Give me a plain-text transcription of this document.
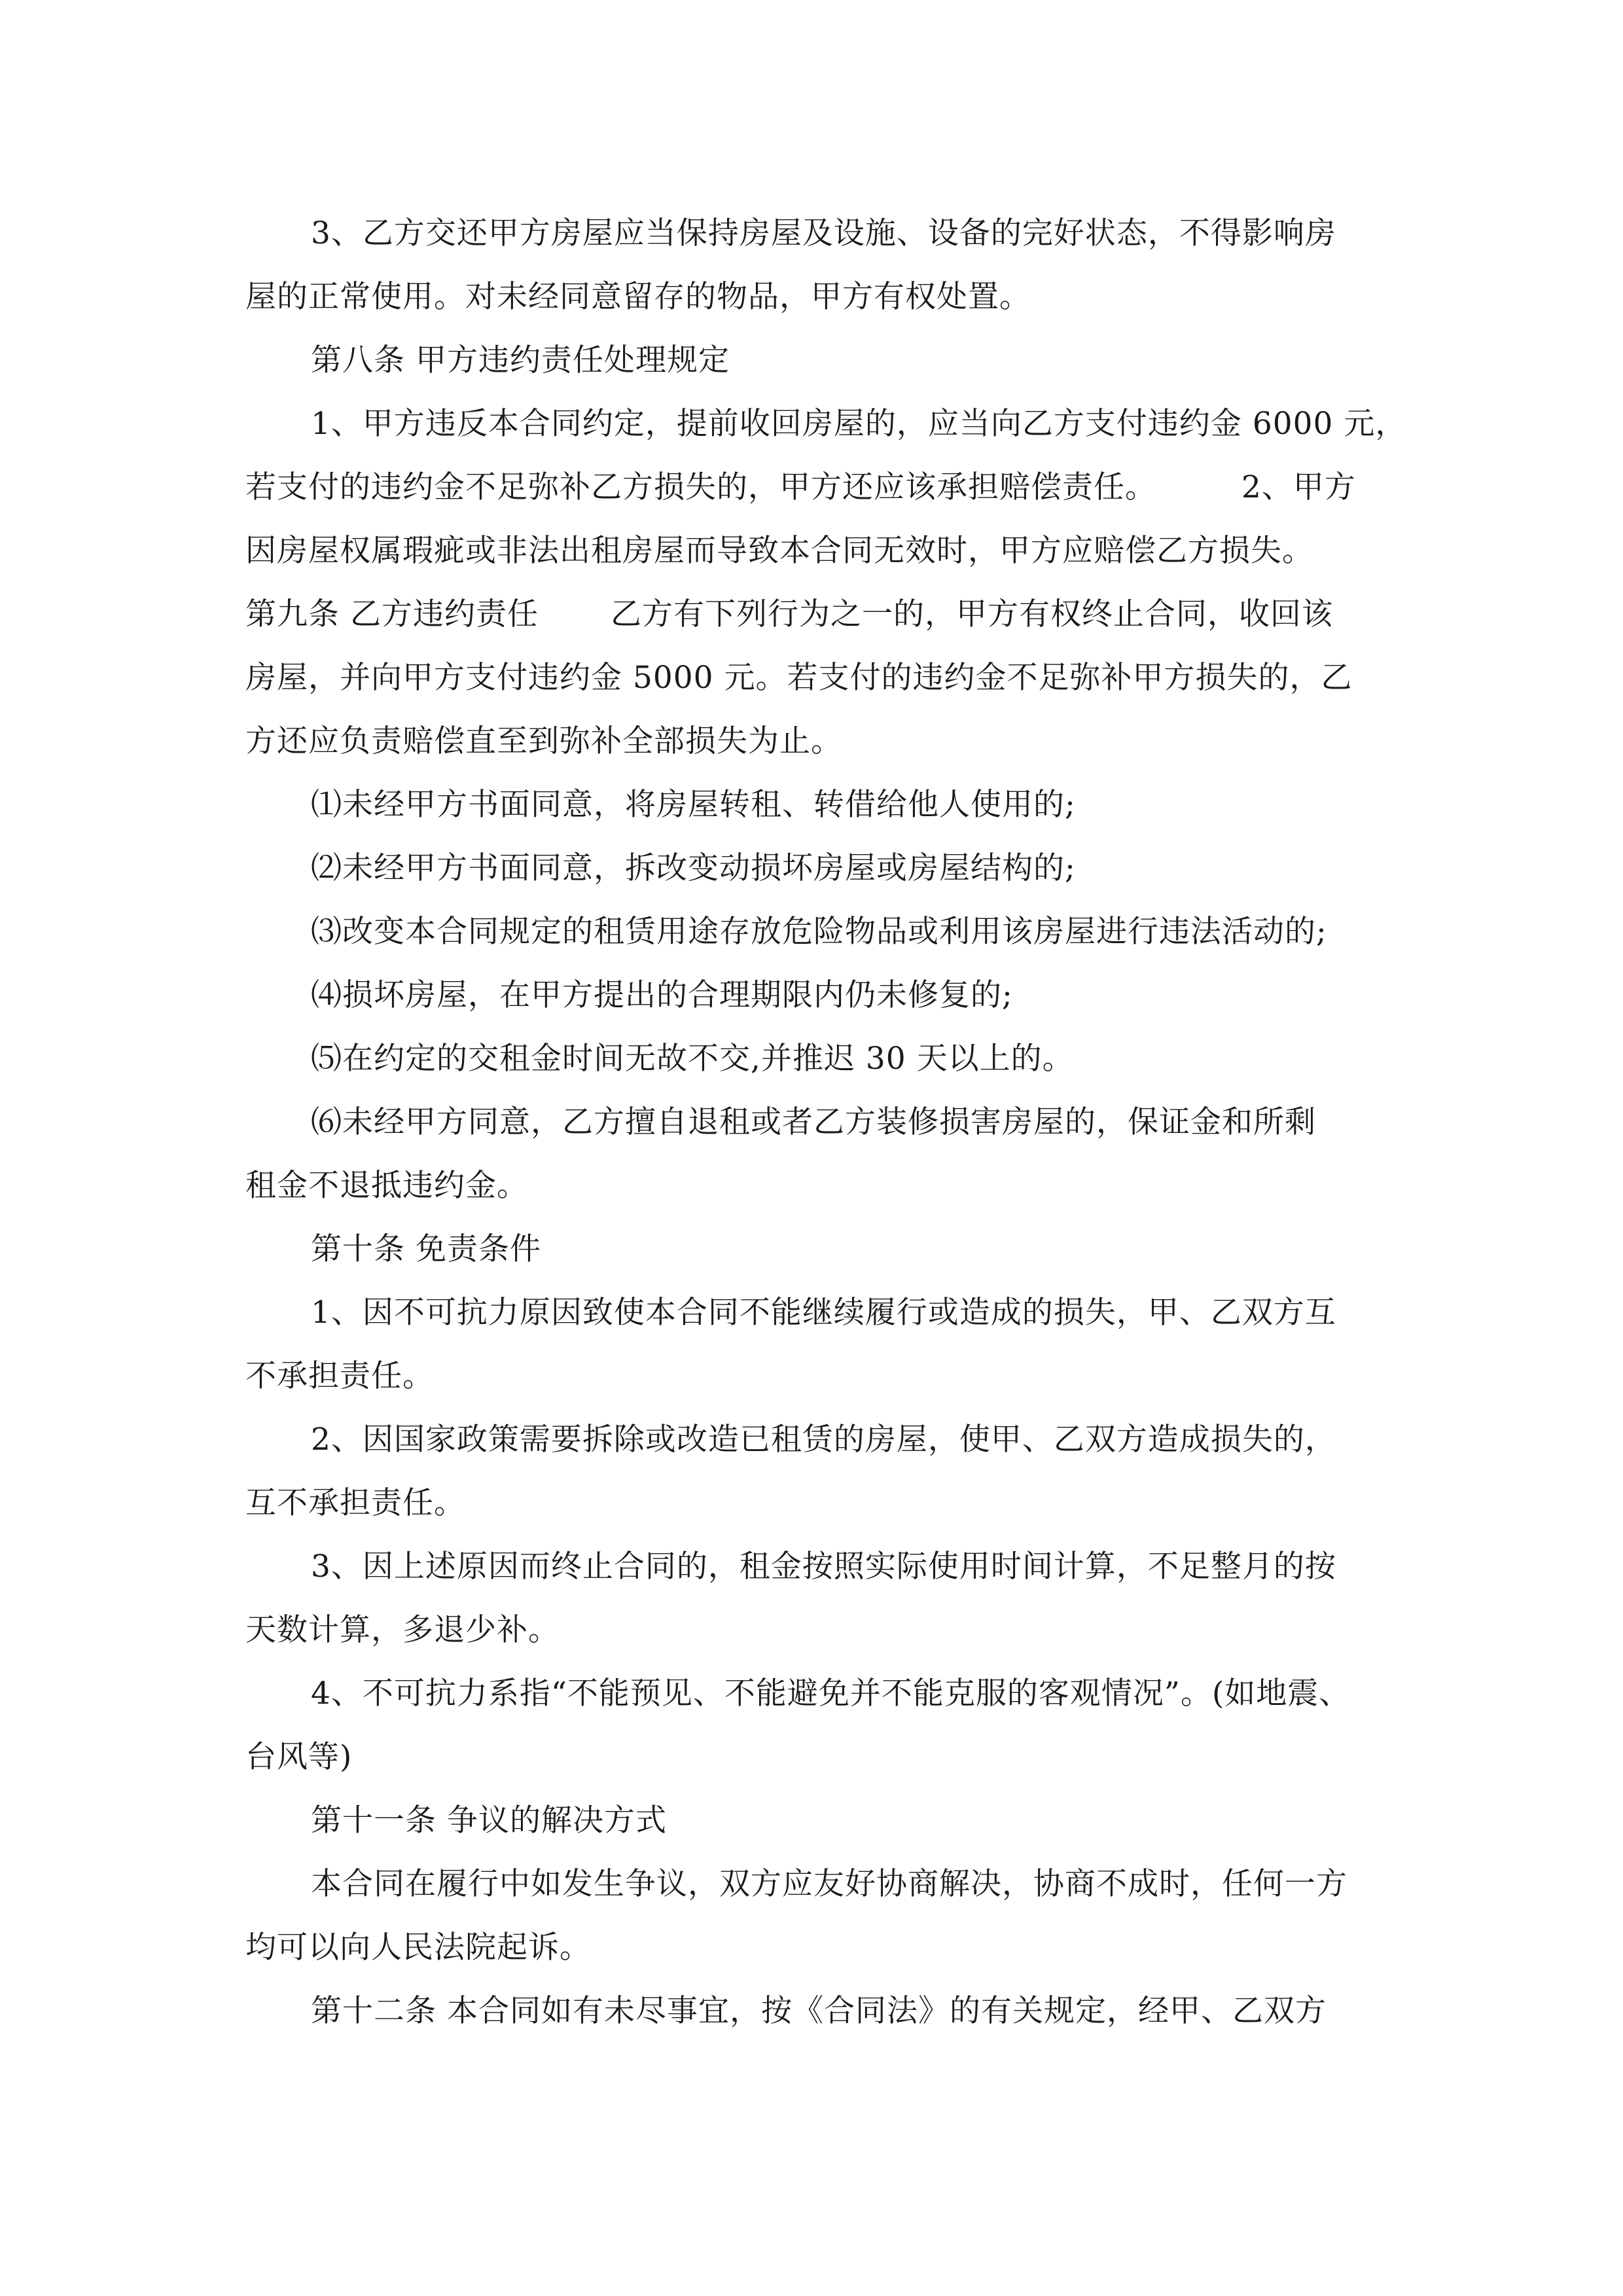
3、乙方交还甲方房屋应当保持房屋及设施、设备的完好状态，不得影响房
屋的正常使用。对未经同意留存的物品，甲方有权处置。
第八条 甲方违约责任处理规定
1、甲方违反本合同约定，提前收回房屋的，应当向乙方支付违约金 6000 元，
若支付的违约金不足弥补乙方损失的，甲方还应该承担赔偿责任。	2、甲方
因房屋权属瑕疵或非法出租房屋而导致本合同无效时，甲方应赔偿乙方损失。
第九条 乙方违约责任 乙方有下列行为之一的，甲方有权终止合同，收回该
房屋，并向甲方支付违约金 5000 元。若支付的违约金不足弥补甲方损失的，乙
方还应负责赔偿直至到弥补全部损失为止。
⑴未经甲方书面同意，将房屋转租、转借给他人使用的;
⑵未经甲方书面同意，拆改变动损坏房屋或房屋结构的;
⑶改变本合同规定的租赁用途存放危险物品或利用该房屋进行违法活动的;
⑷损坏房屋，在甲方提出的合理期限内仍未修复的;
⑸在约定的交租金时间无故不交,并推迟 30 天以上的。
⑹未经甲方同意，乙方擅自退租或者乙方装修损害房屋的，保证金和所剩
租金不退抵违约金。
第十条 免责条件
1、因不可抗力原因致使本合同不能继续履行或造成的损失，甲、乙双方互
不承担责任。
2、因国家政策需要拆除或改造已租赁的房屋，使甲、乙双方造成损失的，
互不承担责任。
3、因上述原因而终止合同的，租金按照实际使用时间计算，不足整月的按
天数计算，多退少补。
4、不可抗力系指“不能预见、不能避免并不能克服的客观情况”。(如地震、
台风等)
第十一条 争议的解决方式
本合同在履行中如发生争议，双方应友好协商解决，协商不成时，任何一方
均可以向人民法院起诉。
第十二条 本合同如有未尽事宜，按《合同法》的有关规定，经甲、乙双方
